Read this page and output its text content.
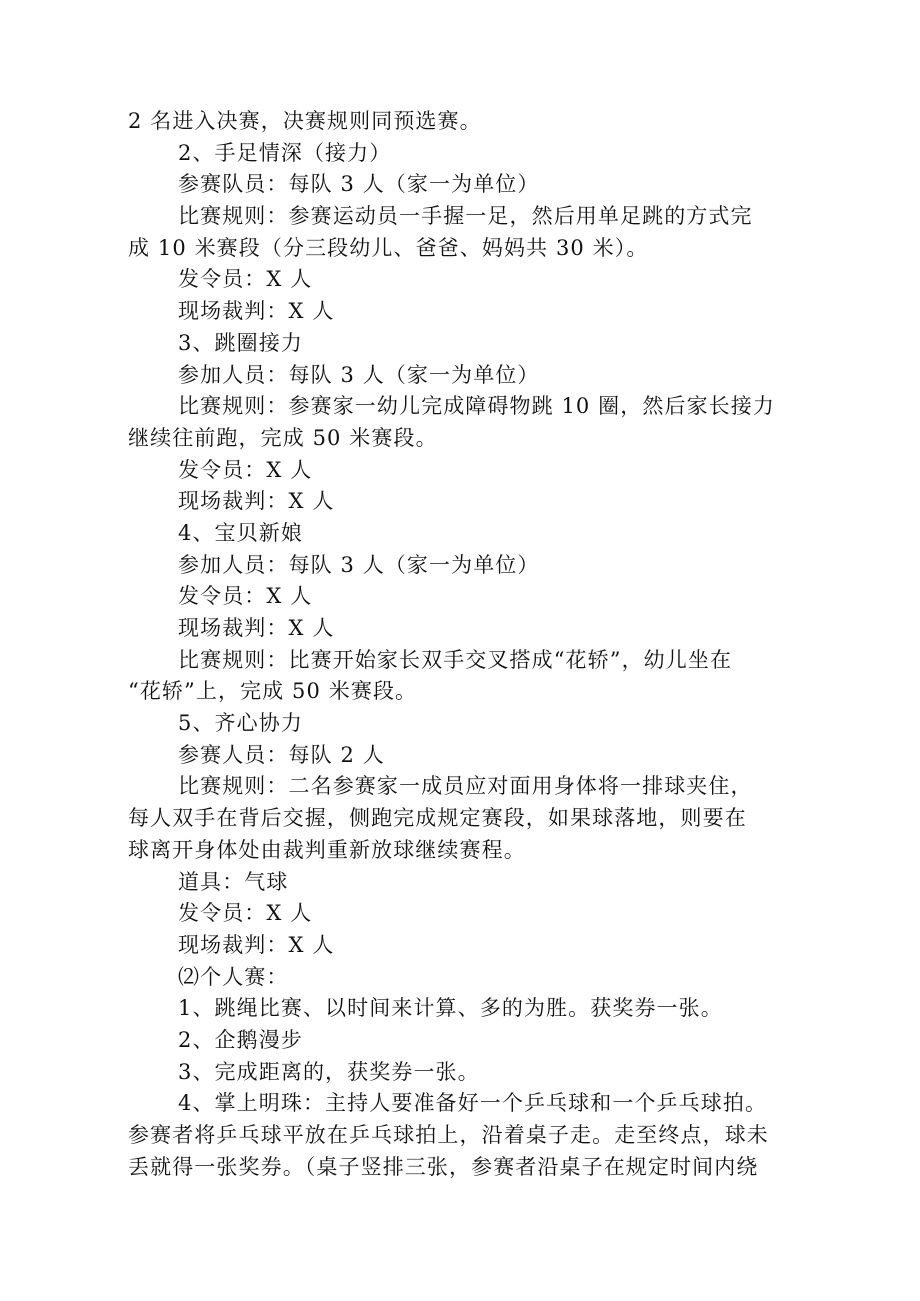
2 名进入决赛，决赛规则同预选赛。
2、手足情深（接力）
参赛队员：每队 3 人（家一为单位）
比赛规则：参赛运动员一手握一足，然后用单足跳的方式完
成 10 米赛段（分三段幼儿、爸爸、妈妈共 30 米）。
发令员：X 人
现场裁判：X 人
3、跳圈接力
参加人员：每队 3 人（家一为单位）
比赛规则：参赛家一幼儿完成障碍物跳 10 圈，然后家长接力
继续往前跑，完成 50 米赛段。
发令员：X 人
现场裁判：X 人
4、宝贝新娘
参加人员：每队 3 人（家一为单位）
发令员：X 人
现场裁判：X 人
比赛规则：比赛开始家长双手交叉搭成“花轿”，幼儿坐在
“花轿”上，完成 50 米赛段。
5、齐心协力
参赛人员：每队 2 人
比赛规则：二名参赛家一成员应对面用身体将一排球夹住，
每人双手在背后交握，侧跑完成规定赛段，如果球落地，则要在
球离开身体处由裁判重新放球继续赛程。
道具：气球
发令员：X 人
现场裁判：X 人
⑵个人赛：
1、跳绳比赛、以时间来计算、多的为胜。获奖券一张。
2、企鹅漫步
3、完成距离的，获奖券一张。
4、掌上明珠：主持人要准备好一个乒乓球和一个乒乓球拍。
参赛者将乒乓球平放在乒乓球拍上，沿着桌子走。走至终点，球未
丢就得一张奖券。（桌子竖排三张，参赛者沿桌子在规定时间内绕
